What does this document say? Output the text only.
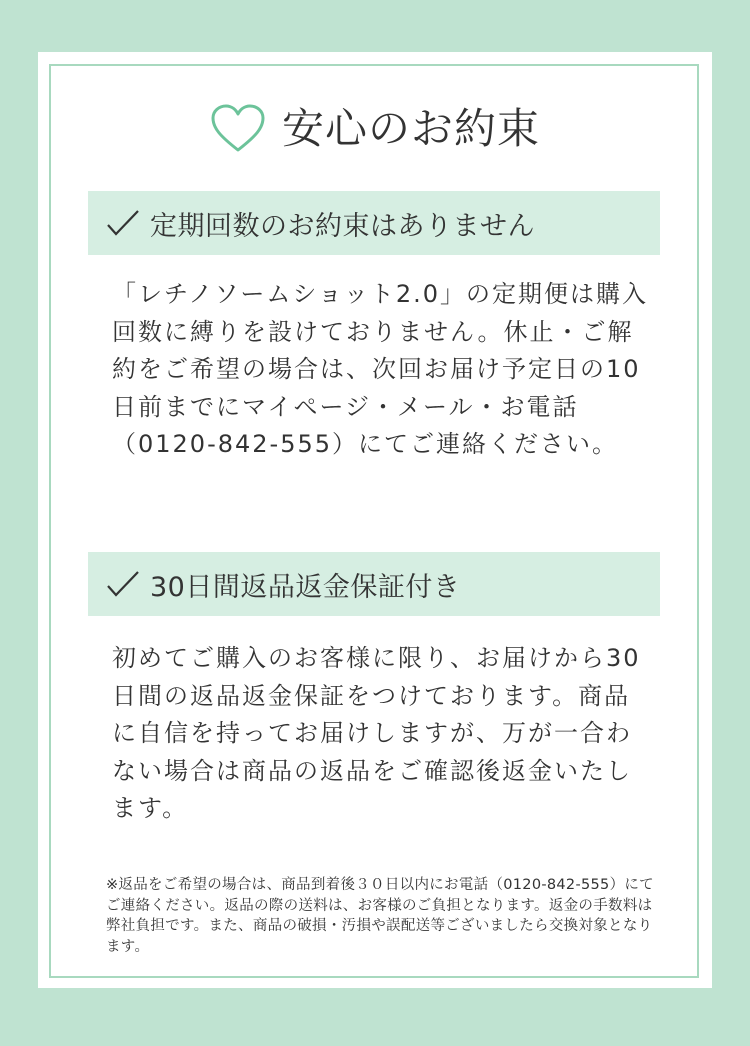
安心のお約束
定期回数のお約束はありません
「レチノソームショット2.0」の定期便は購入回数に縛りを設けておりません。休止・ご解約をご希望の場合は、次回お届け予定日の10日前までにマイページ・メール・お電話（0120-842-555）にてご連絡ください。
30日間返品返金保証付き
初めてご購入のお客様に限り、お届けから30日間の返品返金保証をつけております。商品に自信を持ってお届けしますが、万が一合わない場合は商品の返品をご確認後返金いたします。
※返品をご希望の場合は、商品到着後３０日以内にお電話（0120-842-555）にてご連絡ください。返品の際の送料は、お客様のご負担となります。返金の手数料は弊社負担です。また、商品の破損・汚損や誤配送等ございましたら交換対象となります。
